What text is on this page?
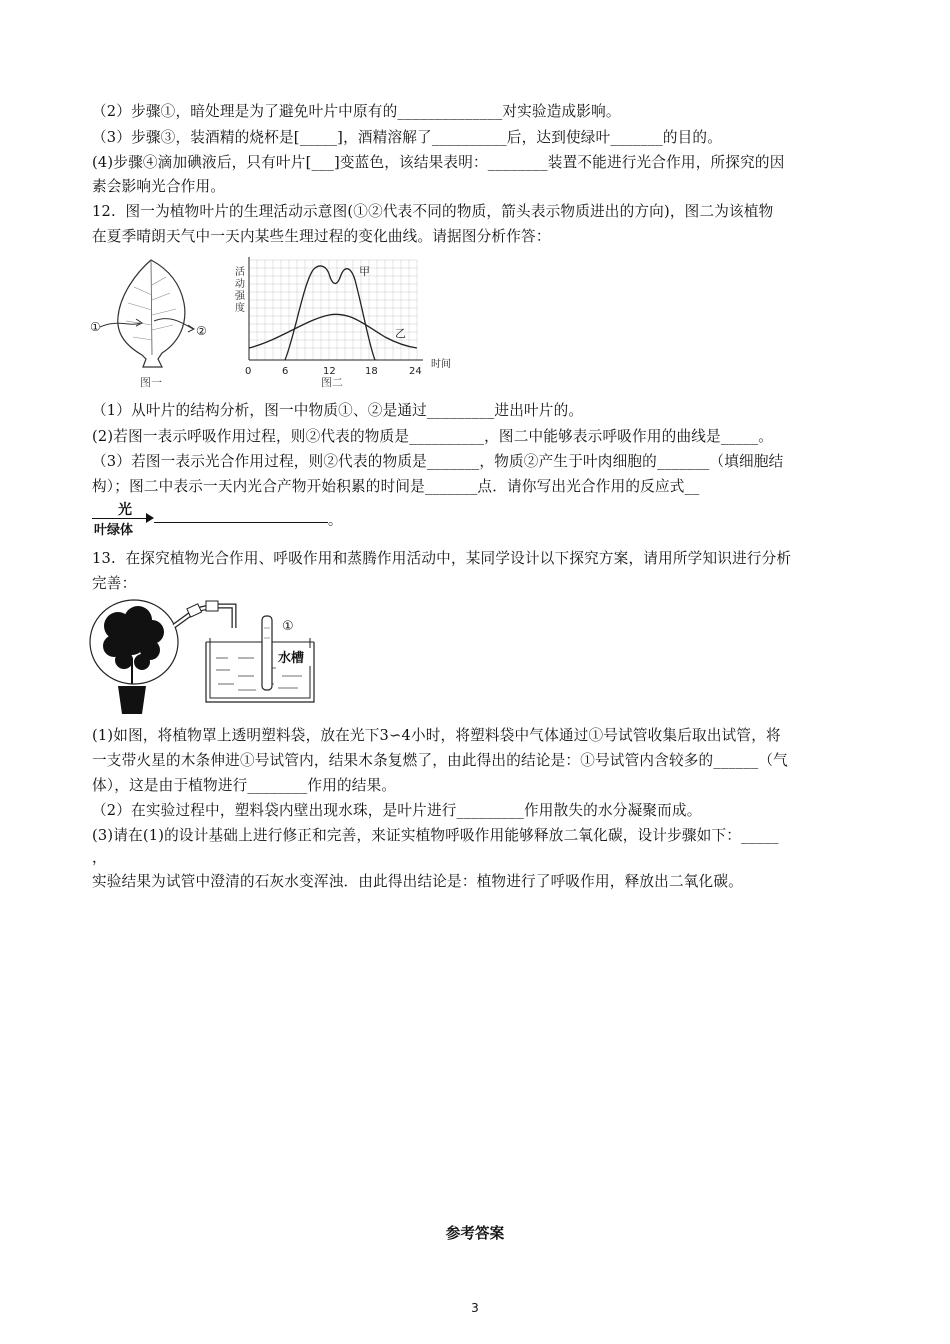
（2）步骤①，暗处理是为了避免叶片中原有的______________对实验造成影响。
（3）步骤③，装酒精的烧杯是[_____]，酒精溶解了__________后，达到使绿叶_______的目的。
(4)步骤④滴加碘液后，只有叶片[___]变蓝色，该结果表明：________装置不能进行光合作用，所探究的因
素会影响光合作用。
12.  图一为植物叶片的生理活动示意图(①②代表不同的物质，箭头表示物质进出的方向)，图二为该植物
在夏季晴朗天气中一天内某些生理过程的变化曲线。请据图分析作答：
①	②
图一
活
动
强
度
甲
乙
时间
0	6	12	18	24
图二
（1）从叶片的结构分析，图一中物质①、②是通过_________进出叶片的。
(2)若图一表示呼吸作用过程，则②代表的物质是__________，图二中能够表示呼吸作用的曲线是_____。
（3）若图一表示光合作用过程，则②代表的物质是_______，物质②产生于叶肉细胞的_______（填细胞结
构）；图二中表示一天内光合产物开始积累的时间是_______点．请你写出光合作用的反应式__
光
叶绿体
。
13.  在探究植物光合作用、呼吸作用和蒸腾作用活动中，某同学设计以下探究方案，请用所学知识进行分析
完善：
①
水槽
(1)如图，将植物罩上透明塑料袋，放在光下3∽4小时，将塑料袋中气体通过①号试管收集后取出试管，将
一支带火星的木条伸进①号试管内，结果木条复燃了，由此得出的结论是：①号试管内含较多的______（气
体），这是由于植物进行________作用的结果。
（2）在实验过程中，塑料袋内壁出现水珠，是叶片进行_________作用散失的水分凝聚而成。
(3)请在(1)的设计基础上进行修正和完善，来证实植物呼吸作用能够释放二氧化碳，设计步骤如下：_____
，
实验结果为试管中澄清的石灰水变浑浊．由此得出结论是：植物进行了呼吸作用，释放出二氧化碳。
参考答案
3
